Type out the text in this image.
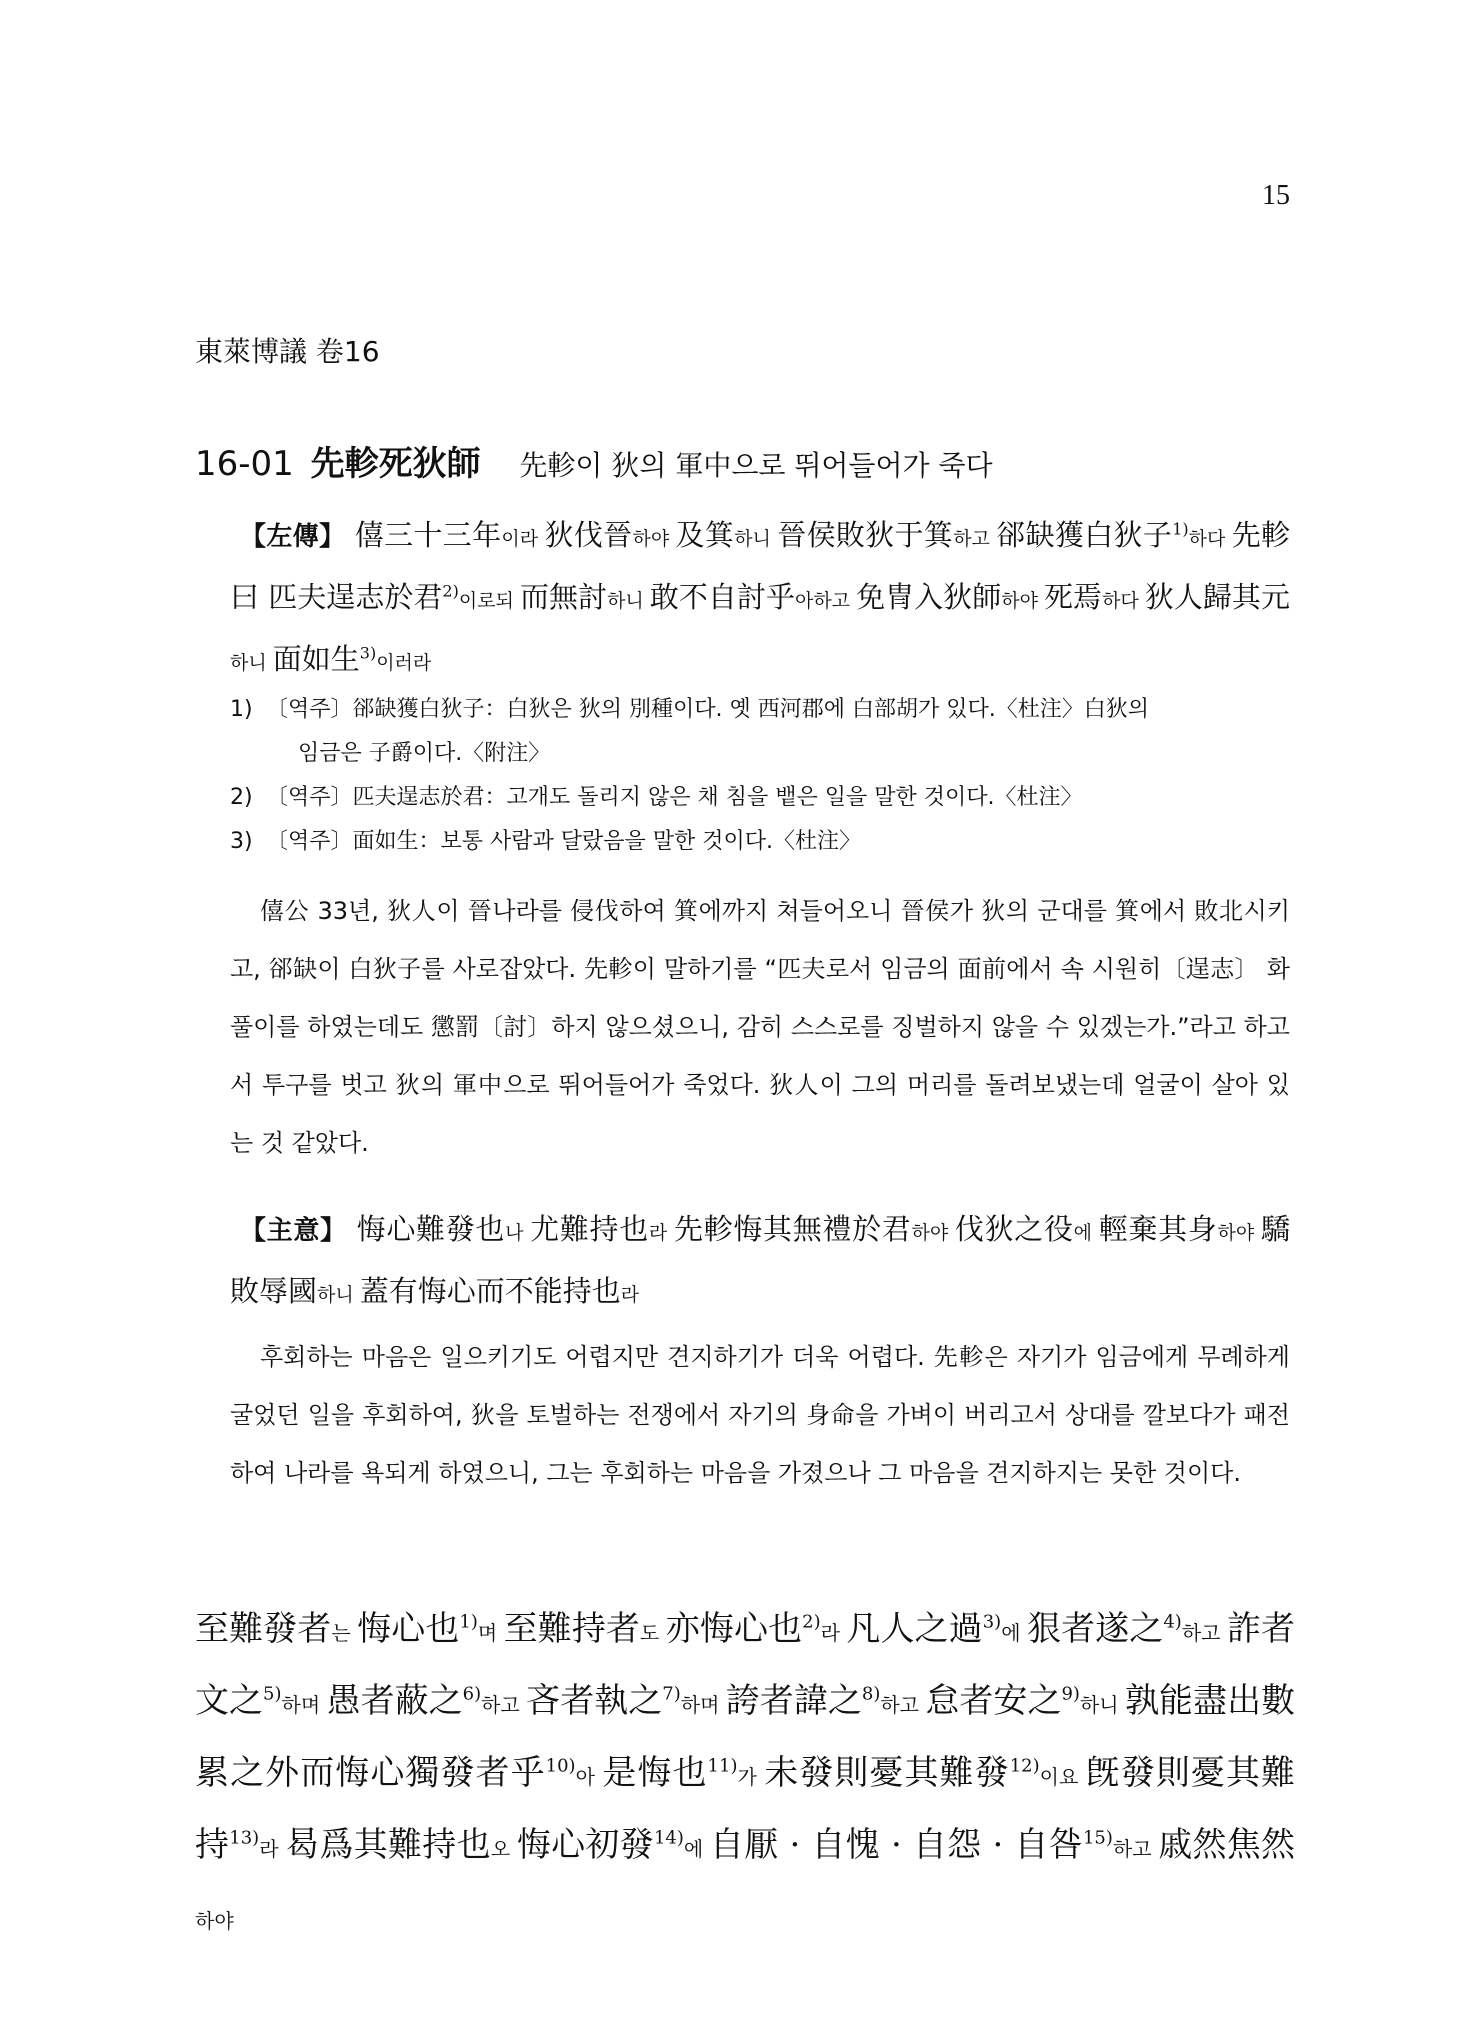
15
東萊博議 卷16
16-01 先軫死狄師 先軫이 狄의 軍中으로 뛰어들어가 죽다
【左傳】 僖三十三年이라 狄伐晉하야 及箕하니 晉侯敗狄于箕하고 郤缺獲白狄子$^{1)}$하다 先軫 曰 匹夫逞志於君$^{2)}$이로되 而無討하니 敢不自討乎아하고 免冑入狄師하야 死焉하다 狄人歸其元하니 面如生$^{3)}$이러라
1) 〔역주〕郤缺獲白狄子：白狄은 狄의 別種이다. 옛 西河郡에 白部胡가 있다.〈杜注〉白狄의
임금은 子爵이다.〈附注〉
2) 〔역주〕匹夫逞志於君：고개도 돌리지 않은 채 침을 뱉은 일을 말한 것이다.〈杜注〉
3) 〔역주〕面如生：보통 사람과 달랐음을 말한 것이다.〈杜注〉
僖公 33년, 狄人이 晉나라를 侵伐하여 箕에까지 쳐들어오니 晉侯가 狄의 군대를 箕에서 敗北시키고, 郤缺이 白狄子를 사로잡았다. 先軫이 말하기를 “匹夫로서 임금의 面前에서 속 시원히〔逞志〕 화풀이를 하였는데도 懲罰〔討〕하지 않으셨으니, 감히 스스로를 징벌하지 않을 수 있겠는가.”라고 하고서 투구를 벗고 狄의 軍中으로 뛰어들어가 죽었다. 狄人이 그의 머리를 돌려보냈는데 얼굴이 살아 있는 것 같았다.
【主意】 悔心難發也나 尤難持也라 先軫悔其無禮於君하야 伐狄之役에 輕棄其身하야 驕 敗辱國하니 蓋有悔心而不能持也라
후회하는 마음은 일으키기도 어렵지만 견지하기가 더욱 어렵다. 先軫은 자기가 임금에게 무례하게 굴었던 일을 후회하여, 狄을 토벌하는 전쟁에서 자기의 身命을 가벼이 버리고서 상대를 깔보다가 패전하여 나라를 욕되게 하였으니, 그는 후회하는 마음을 가졌으나 그 마음을 견지하지는 못한 것이다.
至難發者는 悔心也$^{1)}$며 至難持者도 亦悔心也$^{2)}$라 凡人之過$^{3)}$에 狠者遂之$^{4)}$하고 詐者文之$^{5)}$하며 愚者蔽之$^{6)}$하고 吝者執之$^{7)}$하며 誇者諱之$^{8)}$하고 怠者安之$^{9)}$하니 孰能盡出數累之外而悔心獨發者乎$^{10)}$아 是悔也$^{11)}$가 未發則憂其難發$^{12)}$이요 旣發則憂其難持$^{13)}$라 曷爲其難持也오 悔心初發$^{14)}$에 自厭 · 自愧 · 自怨 · 自咎$^{15)}$하고 戚然焦然하야
